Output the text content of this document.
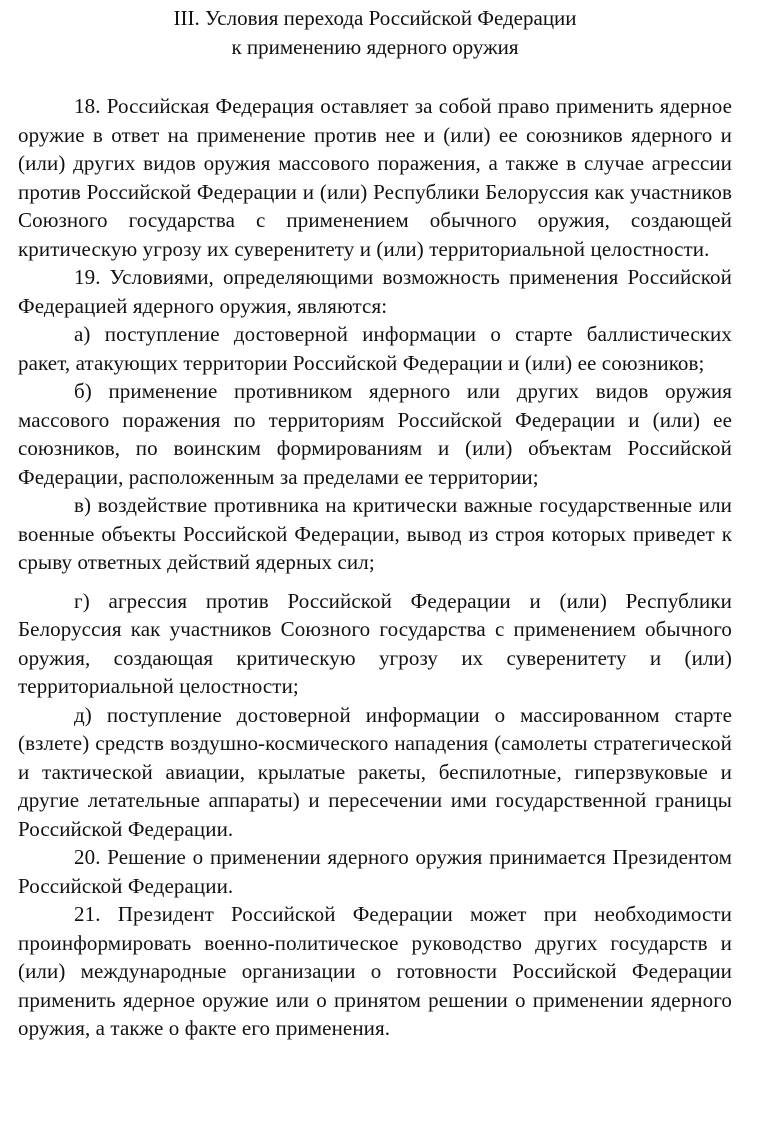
III. Условия перехода Российской Федерации
к применению ядерного оружия

18. Российская Федерация оставляет за собой право применить ядерное оружие в ответ на применение против нее и (или) ее союзников ядерного и (или) других видов оружия массового поражения, а также в случае агрессии против Российской Федерации и (или) Республики Белоруссия как участников Союзного государства с применением обычного оружия, создающей критическую угрозу их суверенитету и (или) территориальной целостности.

19. Условиями, определяющими возможность применения Российской Федерацией ядерного оружия, являются:

а) поступление достоверной информации о старте баллистических ракет, атакующих территории Российской Федерации и (или) ее союзников;

б) применение противником ядерного или других видов оружия массового поражения по территориям Российской Федерации и (или) ее союзников, по воинским формированиям и (или) объектам Российской Федерации, расположенным за пределами ее территории;

в) воздействие противника на критически важные государственные или военные объекты Российской Федерации, вывод из строя которых приведет к срыву ответных действий ядерных сил;

г) агрессия против Российской Федерации и (или) Республики Белоруссия как участников Союзного государства с применением обычного оружия, создающая критическую угрозу их суверенитету и (или) территориальной целостности;

д) поступление достоверной информации о массированном старте (взлете) средств воздушно-космического нападения (самолеты стратегической и тактической авиации, крылатые ракеты, беспилотные, гиперзвуковые и другие летательные аппараты) и пересечении ими государственной границы Российской Федерации.

20. Решение о применении ядерного оружия принимается Президентом Российской Федерации.

21. Президент Российской Федерации может при необходимости проинформировать военно-политическое руководство других государств и (или) международные организации о готовности Российской Федерации применить ядерное оружие или о принятом решении о применении ядерного оружия, а также о факте его применения.
